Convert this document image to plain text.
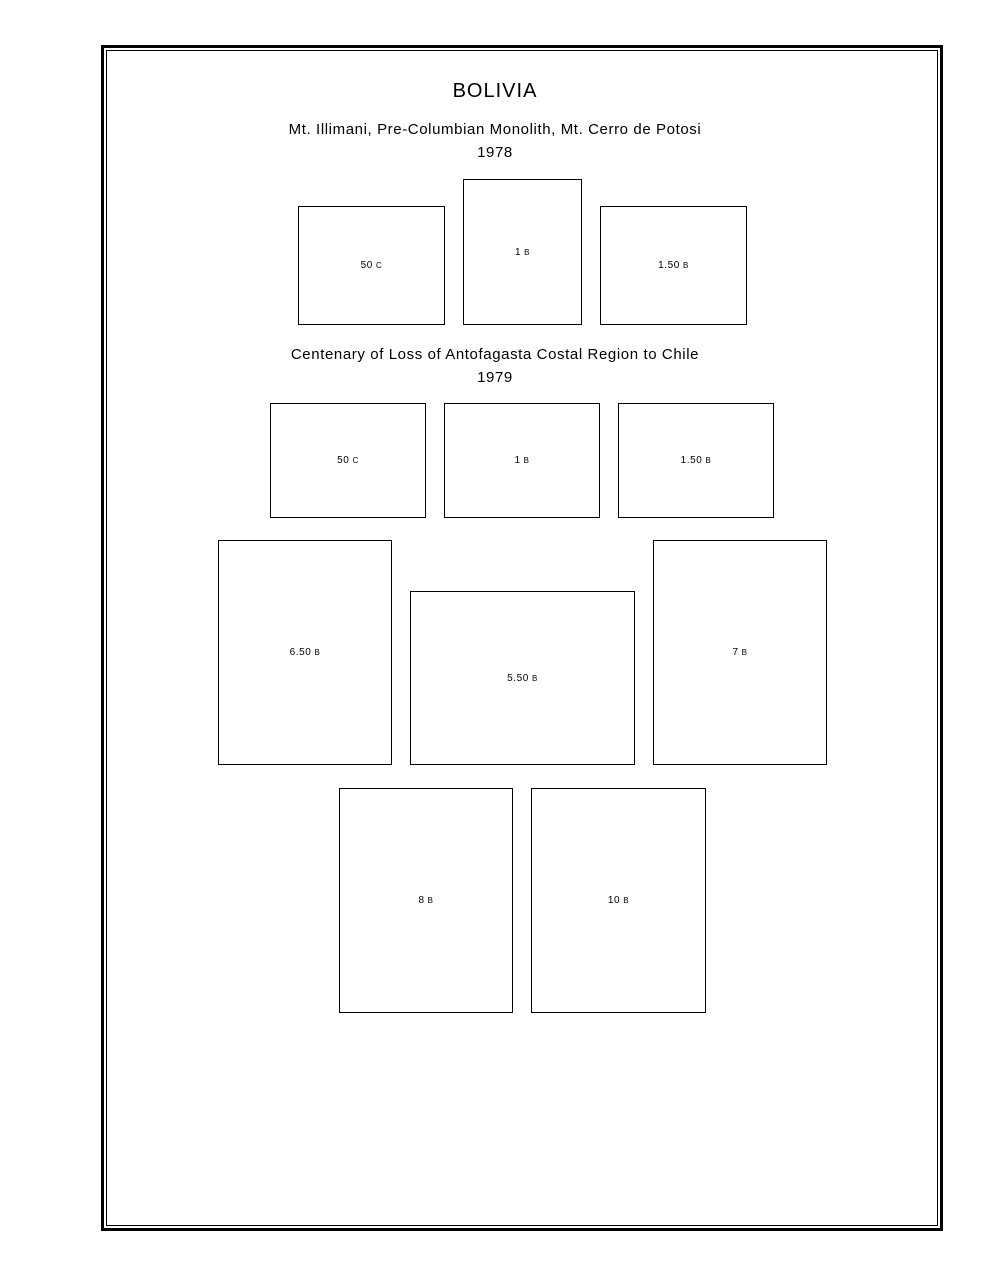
BOLIVIA
Mt. Illimani, Pre-Columbian Monolith, Mt. Cerro de Potosi
1978
50 C
1 B
1.50 B
Centenary of Loss of Antofagasta Costal Region to Chile
1979
50 C	1 B	1.50 B
6.50 B
5.50 B
7 B
8 B	10 B
